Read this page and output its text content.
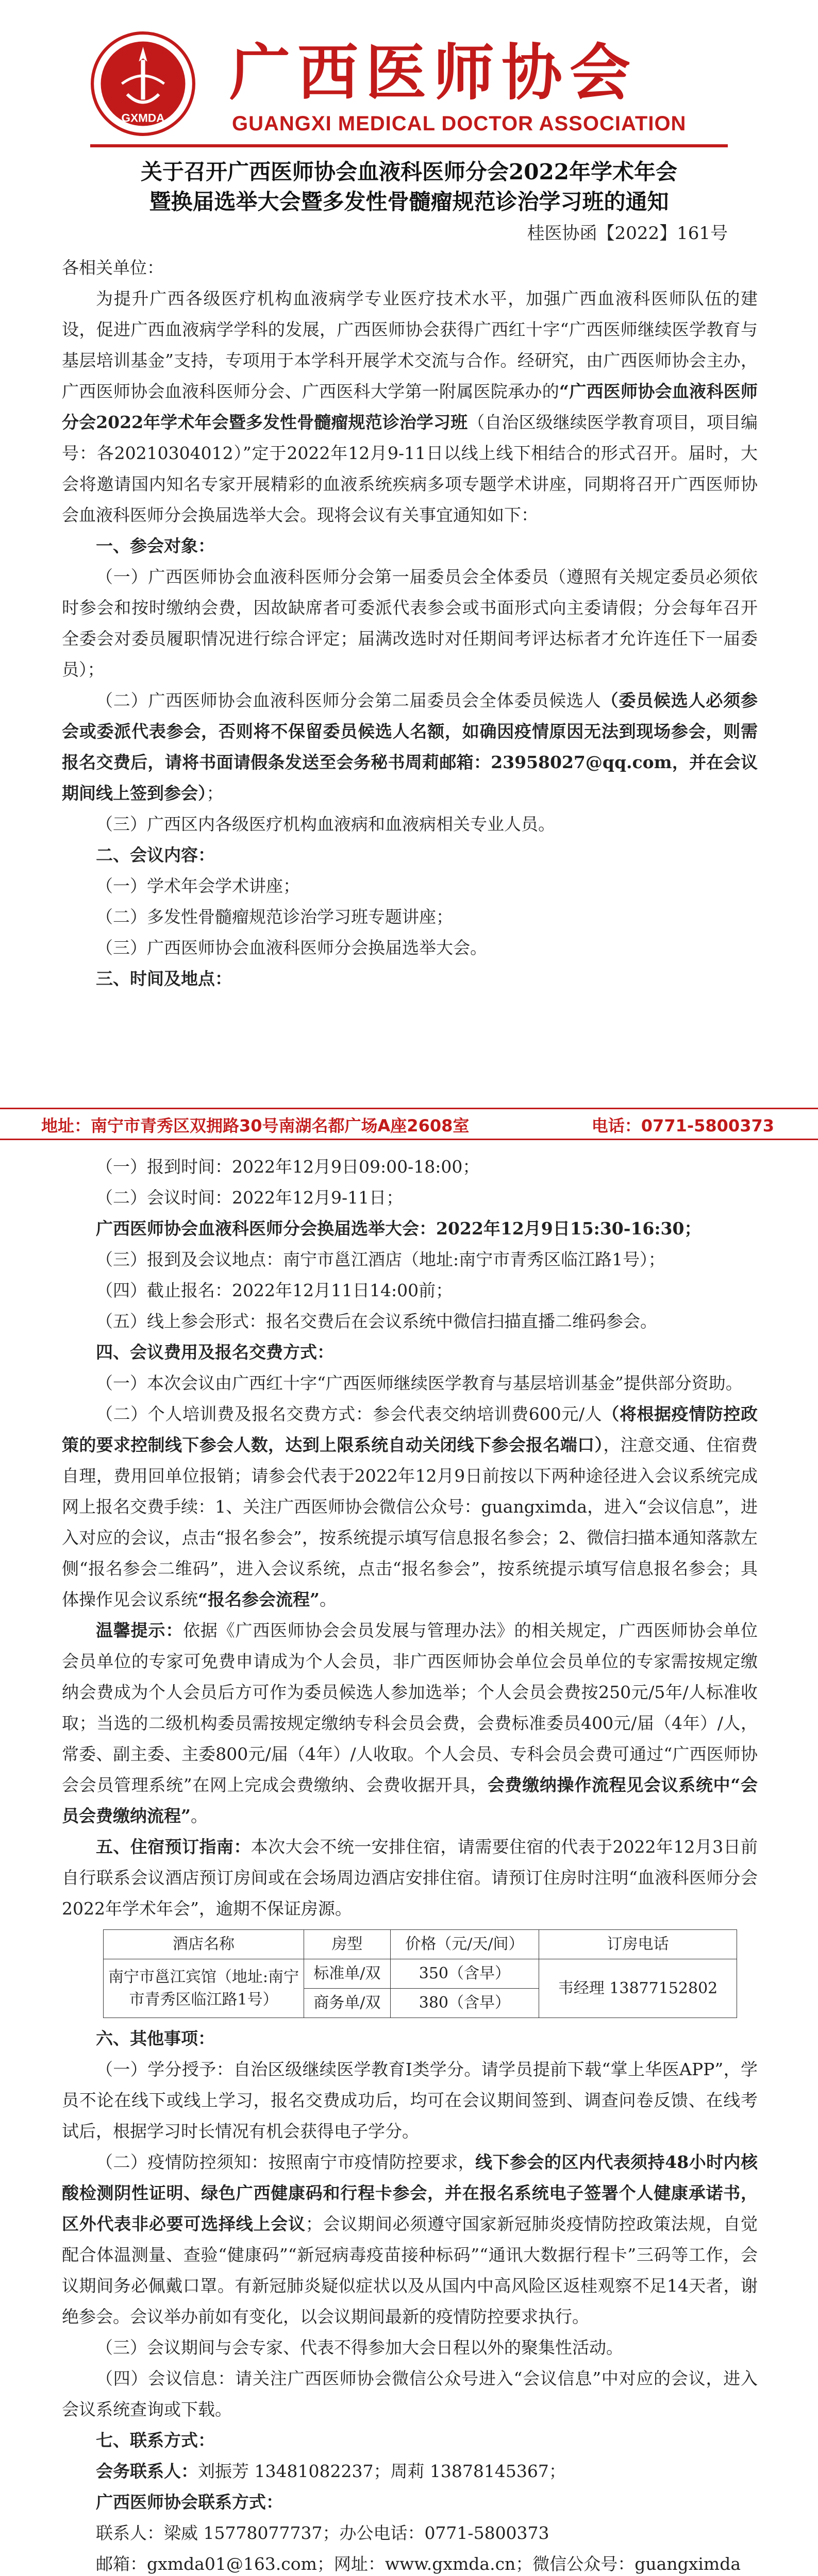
GXMDA
广西医师协会
GUANGXI MEDICAL DOCTOR ASSOCIATION
关于召开广西医师协会血液科医师分会2022年学术年会
暨换届选举大会暨多发性骨髓瘤规范诊治学习班的通知
桂医协函【2022】161号

各相关单位：

为提升广西各级医疗机构血液病学专业医疗技术水平，加强广西血液科医师队伍的建设，促进广西血液病学学科的发展，广西医师协会获得广西红十字“广西医师继续医学教育与基层培训基金”支持，专项用于本学科开展学术交流与合作。经研究，由广西医师协会主办，广西医师协会血液科医师分会、广西医科大学第一附属医院承办的“广西医师协会血液科医师分会2022年学术年会暨多发性骨髓瘤规范诊治学习班（自治区级继续医学教育项目，项目编号：各20210304012）”定于2022年12月9-11日以线上线下相结合的形式召开。届时，大会将邀请国内知名专家开展精彩的血液系统疾病多项专题学术讲座，同期将召开广西医师协会血液科医师分会换届选举大会。现将会议有关事宜通知如下：

一、参会对象：

（一）广西医师协会血液科医师分会第一届委员会全体委员（遵照有关规定委员必须依时参会和按时缴纳会费，因故缺席者可委派代表参会或书面形式向主委请假；分会每年召开全委会对委员履职情况进行综合评定；届满改选时对任期间考评达标者才允许连任下一届委员）；

（二）广西医师协会血液科医师分会第二届委员会全体委员候选人（委员候选人必须参会或委派代表参会，否则将不保留委员候选人名额，如确因疫情原因无法到现场参会，则需报名交费后，请将书面请假条发送至会务秘书周莉邮箱：23958027@qq.com，并在会议期间线上签到参会）；

（三）广西区内各级医疗机构血液病和血液病相关专业人员。

二、会议内容：

（一）学术年会学术讲座；

（二）多发性骨髓瘤规范诊治学习班专题讲座；

（三）广西医师协会血液科医师分会换届选举大会。

三、时间及地点：

地址：南宁市青秀区双拥路30号南湖名都广场A座2608室	电话：0771-5800373

（一）报到时间：2022年12月9日09:00-18:00；

（二）会议时间：2022年12月9-11日；

广西医师协会血液科医师分会换届选举大会：2022年12月9日15:30-16:30；

（三）报到及会议地点：南宁市邕江酒店（地址:南宁市青秀区临江路1号）；

（四）截止报名：2022年12月11日14:00前；

（五）线上参会形式：报名交费后在会议系统中微信扫描直播二维码参会。

四、会议费用及报名交费方式：

（一）本次会议由广西红十字“广西医师继续医学教育与基层培训基金”提供部分资助。

（二）个人培训费及报名交费方式：参会代表交纳培训费600元/人（将根据疫情防控政策的要求控制线下参会人数，达到上限系统自动关闭线下参会报名端口），注意交通、住宿费自理，费用回单位报销；请参会代表于2022年12月9日前按以下两种途径进入会议系统完成网上报名交费手续：1、关注广西医师协会微信公众号：guangximda，进入“会议信息”，进入对应的会议，点击“报名参会”，按系统提示填写信息报名参会；2、微信扫描本通知落款左侧“报名参会二维码”，进入会议系统，点击“报名参会”，按系统提示填写信息报名参会；具体操作见会议系统“报名参会流程”。

温馨提示：依据《广西医师协会会员发展与管理办法》的相关规定，广西医师协会单位会员单位的专家可免费申请成为个人会员，非广西医师协会单位会员单位的专家需按规定缴纳会费成为个人会员后方可作为委员候选人参加选举；个人会员会费按250元/5年/人标准收取；当选的二级机构委员需按规定缴纳专科会员会费，会费标准委员400元/届（4年）/人，常委、副主委、主委800元/届（4年）/人收取。个人会员、专科会员会费可通过“广西医师协会会员管理系统”在网上完成会费缴纳、会费收据开具，会费缴纳操作流程见会议系统中“会员会费缴纳流程”。

五、住宿预订指南：本次大会不统一安排住宿，请需要住宿的代表于2022年12月3日前自行联系会议酒店预订房间或在会场周边酒店安排住宿。请预订住房时注明“血液科医师分会2022年学术年会”，逾期不保证房源。

酒店名称	房型	价格（元/天/间）	订房电话
南宁市邕江宾馆（地址:南宁市青秀区临江路1号）	标准单/双	350（含早）	韦经理 13877152802
	商务单/双	380（含早）	

六、其他事项：

（一）学分授予：自治区级继续医学教育Ⅰ类学分。请学员提前下载“掌上华医APP”，学员不论在线下或线上学习，报名交费成功后，均可在会议期间签到、调查问卷反馈、在线考试后，根据学习时长情况有机会获得电子学分。

（二）疫情防控须知：按照南宁市疫情防控要求，线下参会的区内代表须持48小时内核酸检测阴性证明、绿色广西健康码和行程卡参会，并在报名系统电子签署个人健康承诺书，区外代表非必要可选择线上会议；会议期间必须遵守国家新冠肺炎疫情防控政策法规，自觉配合体温测量、查验“健康码”“新冠病毒疫苗接种标码”“通讯大数据行程卡”三码等工作，会议期间务必佩戴口罩。有新冠肺炎疑似症状以及从国内中高风险区返桂观察不足14天者，谢绝参会。会议举办前如有变化，以会议期间最新的疫情防控要求执行。

（三）会议期间与会专家、代表不得参加大会日程以外的聚集性活动。

（四）会议信息：请关注广西医师协会微信公众号进入“会议信息”中对应的会议，进入会议系统查询或下载。

七、联系方式：

会务联系人：刘振芳 13481082237；周莉 13878145367；

广西医师协会联系方式：

联系人：梁威 15778077737；办公电话：0771-5800373

邮箱：gxmda01@163.com；网址：www.gxmda.cn；微信公众号：guangximda
